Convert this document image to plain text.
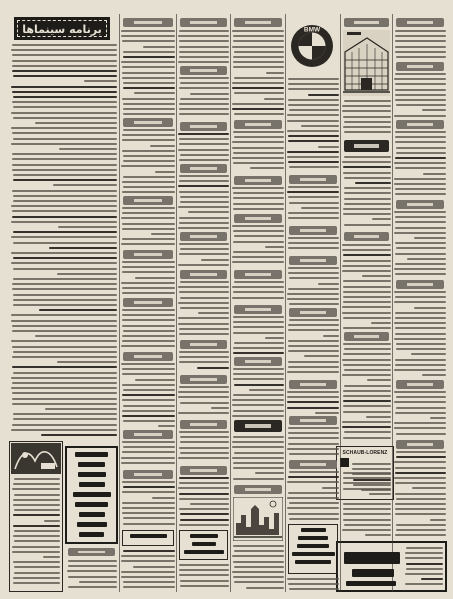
برنامه سینماها	BMW
SCHAUB-LORENZ
